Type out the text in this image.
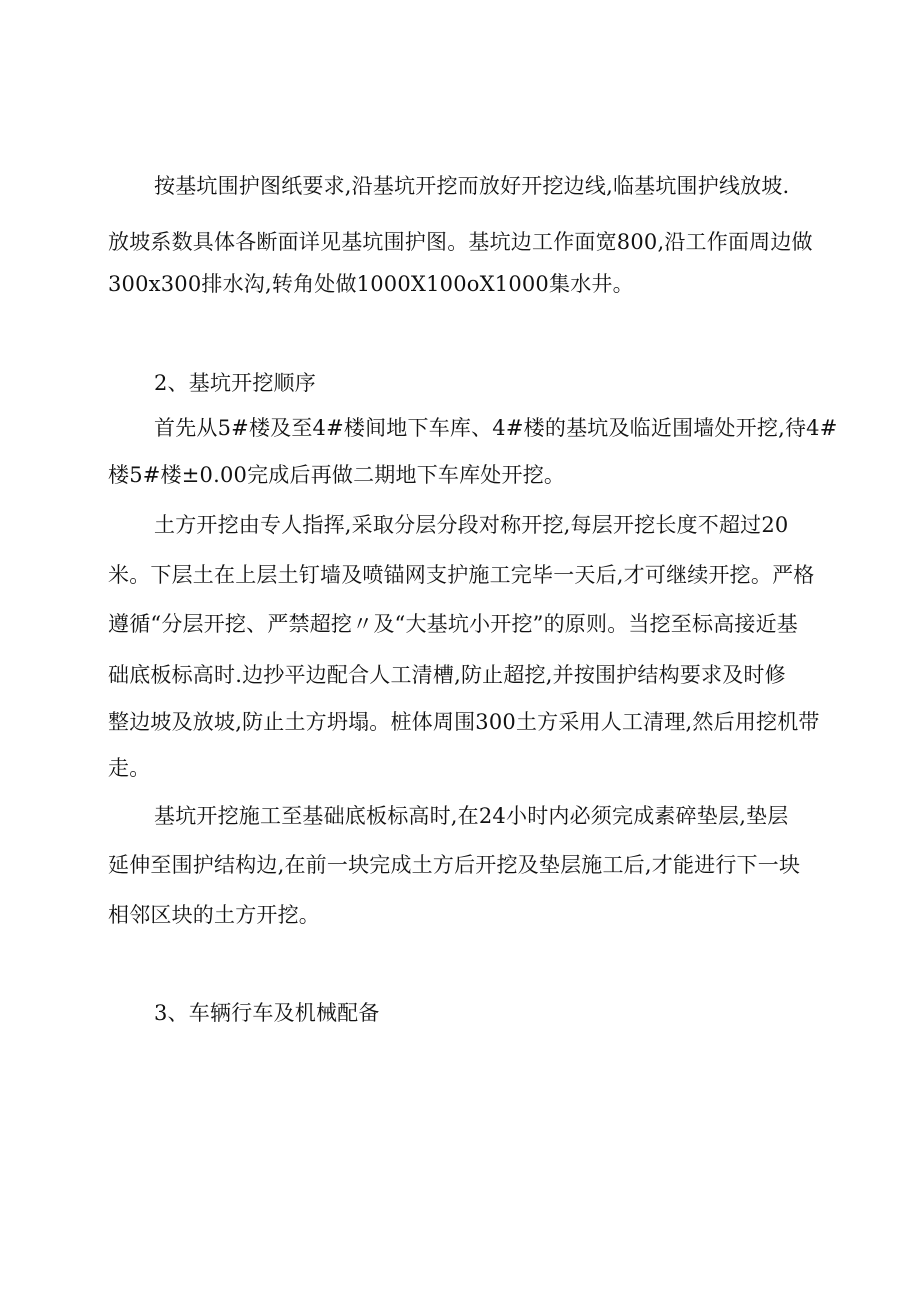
按基坑围护图纸要求,沿基坑开挖而放好开挖边线,临基坑围护线放坡.
放坡系数具体各断面详见基坑围护图。基坑边工作面宽800,沿工作面周边做
300x300排水沟,转角处做1000X100oX1000集水井。
2、基坑开挖顺序
首先从5#楼及至4#楼间地下车库、4#楼的基坑及临近围墙处开挖,待4#
楼5#楼±0.00完成后再做二期地下车库处开挖。
土方开挖由专人指挥,采取分层分段对称开挖,每层开挖长度不超过20
米。下层土在上层土钉墙及喷锚网支护施工完毕一天后,才可继续开挖。严格
遵循“分层开挖、严禁超挖〃及“大基坑小开挖”的原则。当挖至标高接近基
础底板标高时.边抄平边配合人工清槽,防止超挖,并按围护结构要求及时修
整边坡及放坡,防止土方坍塌。桩体周围300土方采用人工清理,然后用挖机带
走。
基坑开挖施工至基础底板标高时,在24小时内必须完成素碎垫层,垫层
延伸至围护结构边,在前一块完成土方后开挖及垫层施工后,才能进行下一块
相邻区块的土方开挖。
3、车辆行车及机械配备
